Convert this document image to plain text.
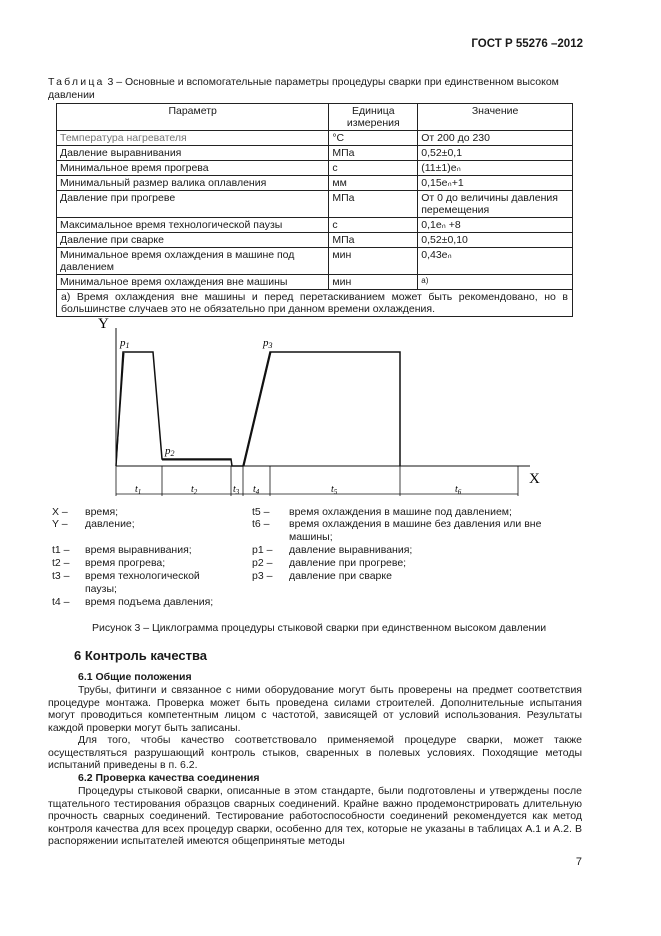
ГОСТ Р 55276 –2012
Таблица 3 – Основные и вспомогательные параметры процедуры сварки при единственном высоком давлении
Параметр	Единица измерения	Значение
Температура нагревателя	°С	От 200 до 230
Давление выравнивания	МПа	0,52±0,1
Минимальное время прогрева	с	(11±1)eₙ
Минимальный размер валика оплавления	мм	0,15eₙ+1
Давление при прогреве	МПа	От 0 до величины давления перемещения
Максимальное время технологической паузы	с	0,1eₙ +8
Давление при сварке	МПа	0,52±0,10
Минимальное время охлаждения в машине под давлением	мин	0,43eₙ
Минимальное время охлаждения вне машины	мин	а)
а) Время охлаждения вне машины и перед перетаскиванием может быть рекомендовано, но в большинстве случаев это не обязательно при данном времени охлаждения.		
Y
X
p1
p2
p3
$t_1$	$t_2$	$t_3$ $t_4$	$t_5$	$t_6$
X – время;
Y – давление;
t1 – время выравнивания;
t2 – время прогрева;
t3 – время технологической паузы;
t4 – время подъема давления;
t5 – время охлаждения в машине под давлением;
t6 – время охлаждения в машине без давления или вне машины;
p1 – давление выравнивания;
p2 – давление при прогреве;
p3 – давление при сварке
Рисунок 3 – Циклограмма процедуры стыковой сварки при единственном высоком давлении
6 Контроль качества
6.1 Общие положения
Трубы, фитинги и связанное с ними оборудование могут быть проверены на предмет соответствия процедуре монтажа. Проверка может быть проведена силами строителей. Дополнительные испытания могут проводиться компетентным лицом с частотой, зависящей от условий использования. Результаты каждой проверки могут быть записаны.
Для того, чтобы качество соответствовало применяемой процедуре сварки, может также осуществляться разрушающий контроль стыков, сваренных в полевых условиях. Походящие методы испытаний приведены в п. 6.2.
6.2 Проверка качества соединения
Процедуры стыковой сварки, описанные в этом стандарте, были подготовлены и утверждены после тщательного тестирования образцов сварных соединений. Крайне важно продемонстрировать длительную прочность сварных соединений. Тестирование работоспособности соединений рекомендуется как метод контроля качества для всех процедур сварки, особенно для тех, которые не указаны в таблицах А.1 и А.2. В распоряжении испытателей имеются общепринятые методы
7
